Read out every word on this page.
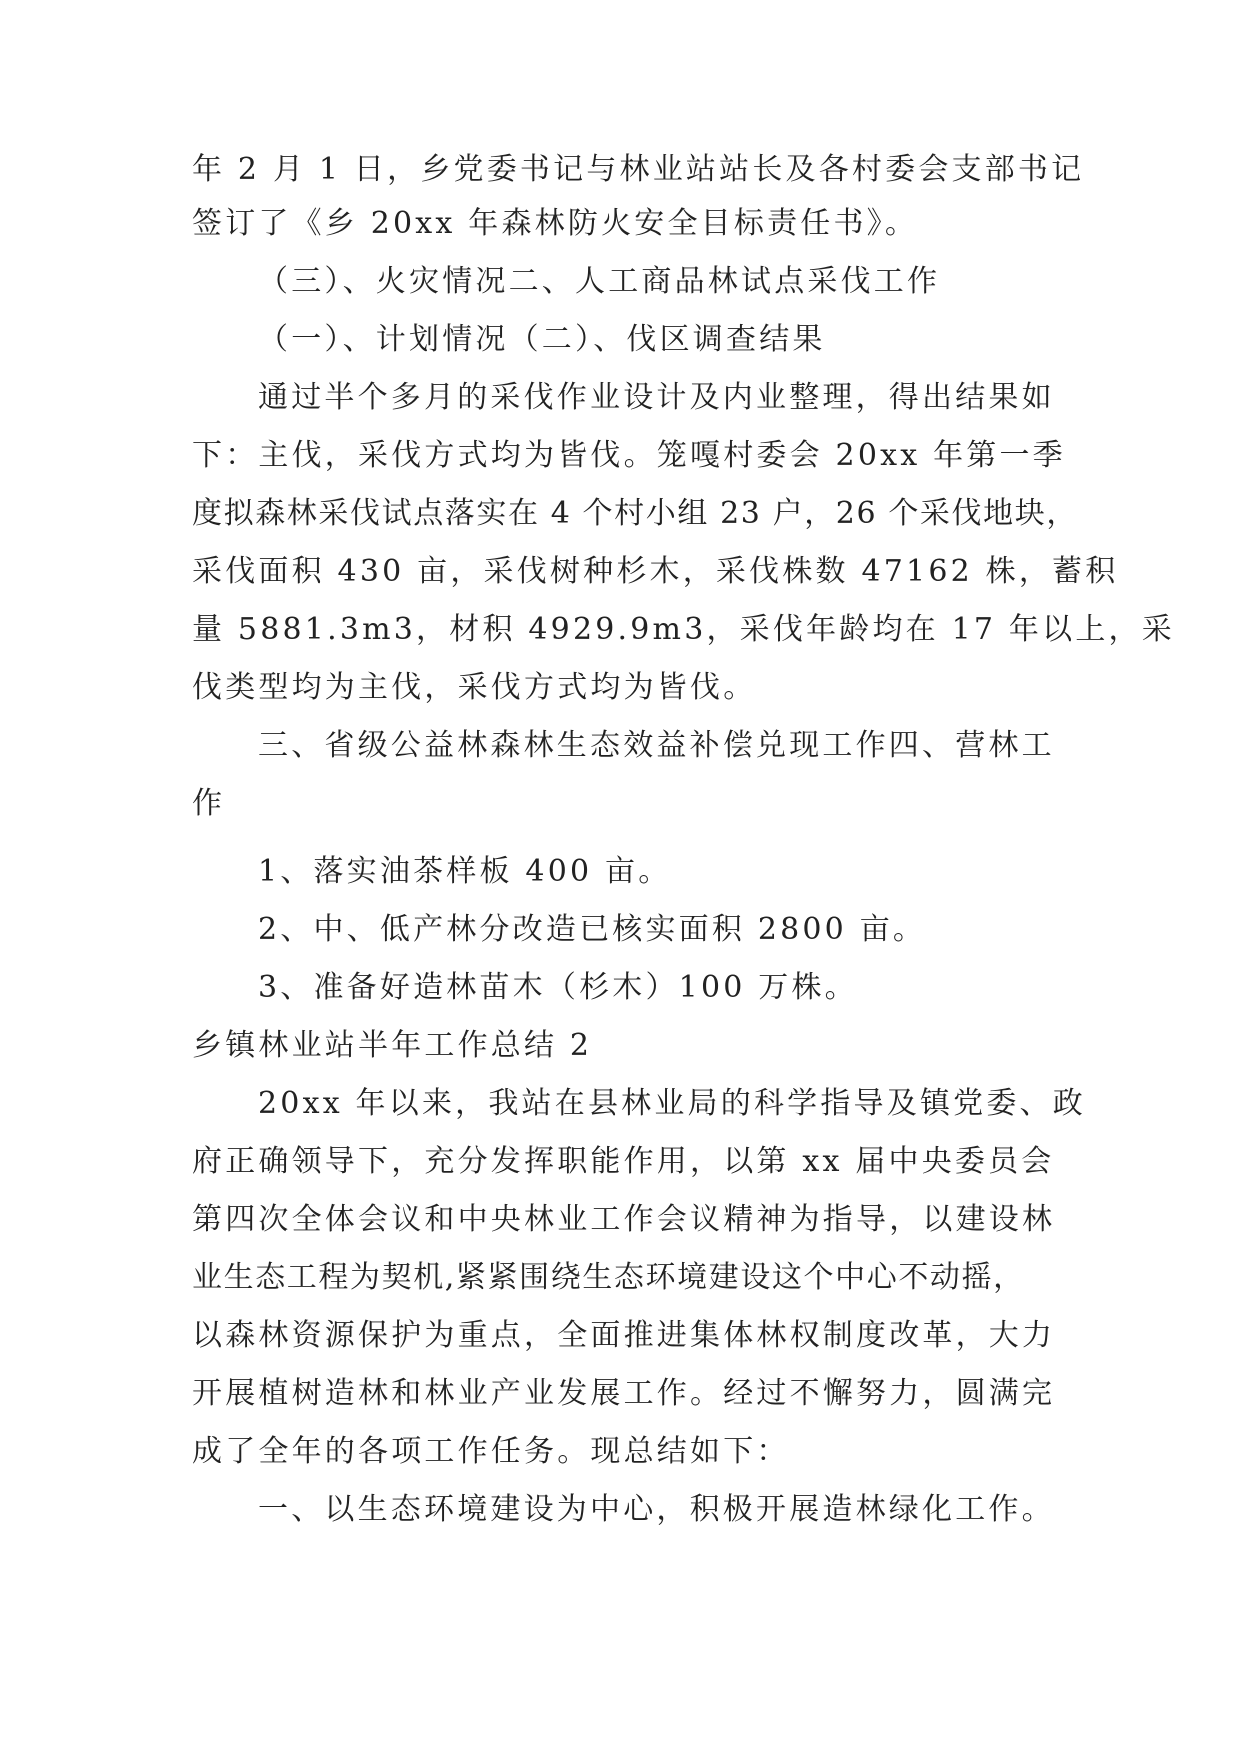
年 2 月 1 日，乡党委书记与林业站站长及各村委会支部书记
签订了《乡 20xx 年森林防火安全目标责任书》。
（三）、火灾情况二、人工商品林试点采伐工作
（一）、计划情况（二）、伐区调查结果
通过半个多月的采伐作业设计及内业整理，得出结果如
下：主伐，采伐方式均为皆伐。笼嘎村委会 20xx 年第一季
度拟森林采伐试点落实在 4 个村小组 23 户，26 个采伐地块，
采伐面积 430 亩，采伐树种杉木，采伐株数 47162 株，蓄积
量 5881.3m3，材积 4929.9m3，采伐年龄均在 17 年以上，采
伐类型均为主伐，采伐方式均为皆伐。
三、省级公益林森林生态效益补偿兑现工作四、营林工
作
1、落实油茶样板 400 亩。
2、中、低产林分改造已核实面积 2800 亩。
3、准备好造林苗木（杉木）100 万株。
乡镇林业站半年工作总结 2
20xx 年以来，我站在县林业局的科学指导及镇党委、政
府正确领导下，充分发挥职能作用，以第 xx 届中央委员会
第四次全体会议和中央林业工作会议精神为指导，以建设林
业生态工程为契机,紧紧围绕生态环境建设这个中心不动摇，
以森林资源保护为重点，全面推进集体林权制度改革，大力
开展植树造林和林业产业发展工作。经过不懈努力，圆满完
成了全年的各项工作任务。现总结如下：
一、以生态环境建设为中心，积极开展造林绿化工作。
